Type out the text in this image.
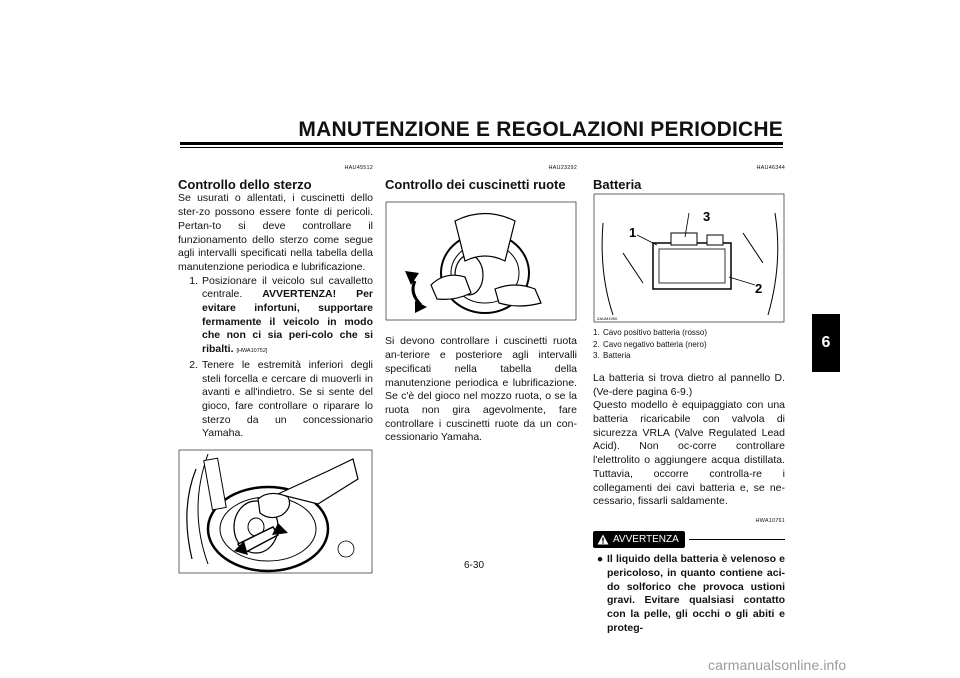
MANUTENZIONE E REGOLAZIONI PERIODICHE
6
HAU45512
Controllo dello sterzo

Se usurati o allentati, i cuscinetti dello ster-zo possono essere fonte di pericoli. Pertan-to si deve controllare il funzionamento dello sterzo come segue agli intervalli specificati nella tabella della manutenzione periodica e lubrificazione.

1. Posizionare il veicolo sul cavalletto centrale. AVVERTENZA! Per evitare infortuni, supportare fermamente il veicolo in modo che non ci sia peri-colo che si ribalti. [HWA10752]
2. Tenere le estremità inferiori degli steli forcella e cercare di muoverli in avanti e all'indietro. Se si sente del gioco, fare controllare o riparare lo sterzo da un concessionario Yamaha.
HAU23292
Controllo dei cuscinetti ruote

Si devono controllare i cuscinetti ruota an-teriore e posteriore agli intervalli specificati nella tabella della manutenzione periodica e lubrificazione. Se c'è del gioco nel mozzo ruota, o se la ruota non gira agevolmente, fare controllare i cuscinetti ruote da un con-cessionario Yamaha.

HAU46344
Batteria
1
2
3
ZAUM1950
1. Cavo positivo batteria (rosso)
2. Cavo negativo batteria (nero)
3. Batteria

La batteria si trova dietro al pannello D. (Ve-dere pagina 6-9.)

Questo modello è equipaggiato con una batteria ricaricabile con valvola di sicurezza VRLA (Valve Regulated Lead Acid). Non oc-corre controllare l'elettrolito o aggiungere acqua distillata. Tuttavia, occorre controlla-re i collegamenti dei cavi batteria e, se ne-cessario, fissarli saldamente.

HWA10761
AVVERTENZA
● Il liquido della batteria è velenoso e pericoloso, in quanto contiene aci-do solforico che provoca ustioni gravi. Evitare qualsiasi contatto con la pelle, gli occhi o gli abiti e proteg-
6-30
carmanualsonline.info
